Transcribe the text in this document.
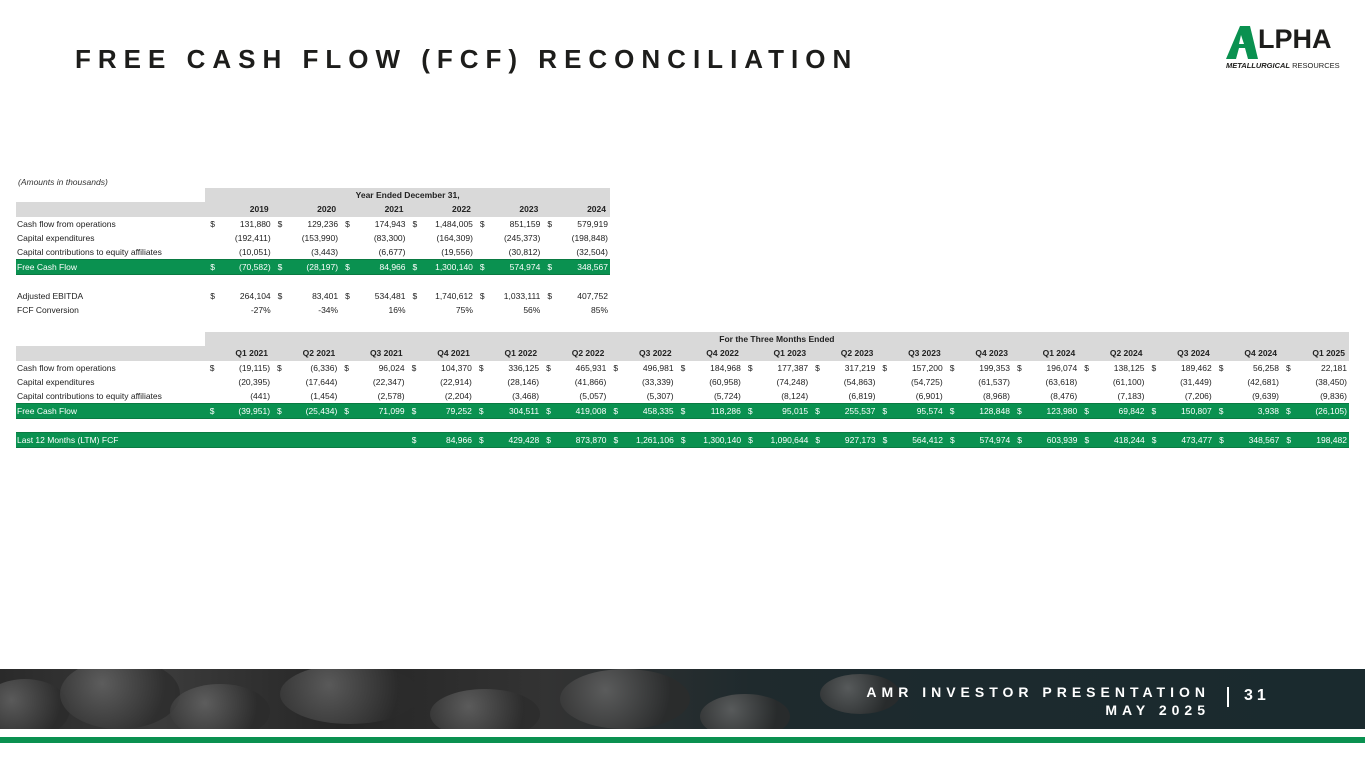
FREE CASH FLOW (FCF) RECONCILIATION
LPHA
METALLURGICAL RESOURCES
(Amounts in thousands)
	Year Ended December 31,											
	2019		2020		2021		2022		2023		2024	
Cash flow from operations	$	131,880	$	129,236	$	174,943	$	1,484,005	$	851,159	$	579,919
Capital expenditures		(192,411)		(153,990)		(83,300)		(164,309)		(245,373)		(198,848)
Capital contributions to equity affiliates		(10,051)		(3,443)		(6,677)		(19,556)		(30,812)		(32,504)
Free Cash Flow	$	(70,582)	$	(28,197)	$	84,966	$	1,300,140	$	574,974	$	348,567

Adjusted EBITDA	$	264,104	$	83,401	$	534,481	$	1,740,612	$	1,033,111	$	407,752
FCF Conversion		-27%		-34%		16%		75%		56%		85%
	For the Three Months Ended																																	
	Q1 2021		Q2 2021		Q3 2021		Q4 2021		Q1 2022		Q2 2022		Q3 2022		Q4 2022		Q1 2023		Q2 2023		Q3 2023		Q4 2023		Q1 2024		Q2 2024		Q3 2024		Q4 2024		Q1 2025	
Cash flow from operations	$	(19,115)	$	(6,336)	$	96,024	$	104,370	$	336,125	$	465,931	$	496,981	$	184,968	$	177,387	$	317,219	$	157,200	$	199,353	$	196,074	$	138,125	$	189,462	$	56,258	$	22,181
Capital expenditures		(20,395)		(17,644)		(22,347)		(22,914)		(28,146)		(41,866)		(33,339)		(60,958)		(74,248)		(54,863)		(54,725)		(61,537)		(63,618)		(61,100)		(31,449)		(42,681)		(38,450)
Capital contributions to equity affiliates		(441)		(1,454)		(2,578)		(2,204)		(3,468)		(5,057)		(5,307)		(5,724)		(8,124)		(6,819)		(6,901)		(8,968)		(8,476)		(7,183)		(7,206)		(9,639)		(9,836)
Free Cash Flow	$	(39,951)	$	(25,434)	$	71,099	$	79,252	$	304,511	$	419,008	$	458,335	$	118,286	$	95,015	$	255,537	$	95,574	$	128,848	$	123,980	$	69,842	$	150,807	$	3,938	$	(26,105)
Last 12 Months (LTM) FCF							$	84,966	$	429,428	$	873,870	$	1,261,106	$	1,300,140	$	1,090,644	$	927,173	$	564,412	$	574,974	$	603,939	$	418,244	$	473,477	$	348,567	$	198,482
AMR INVESTOR PRESENTATION
MAY 2025
31
